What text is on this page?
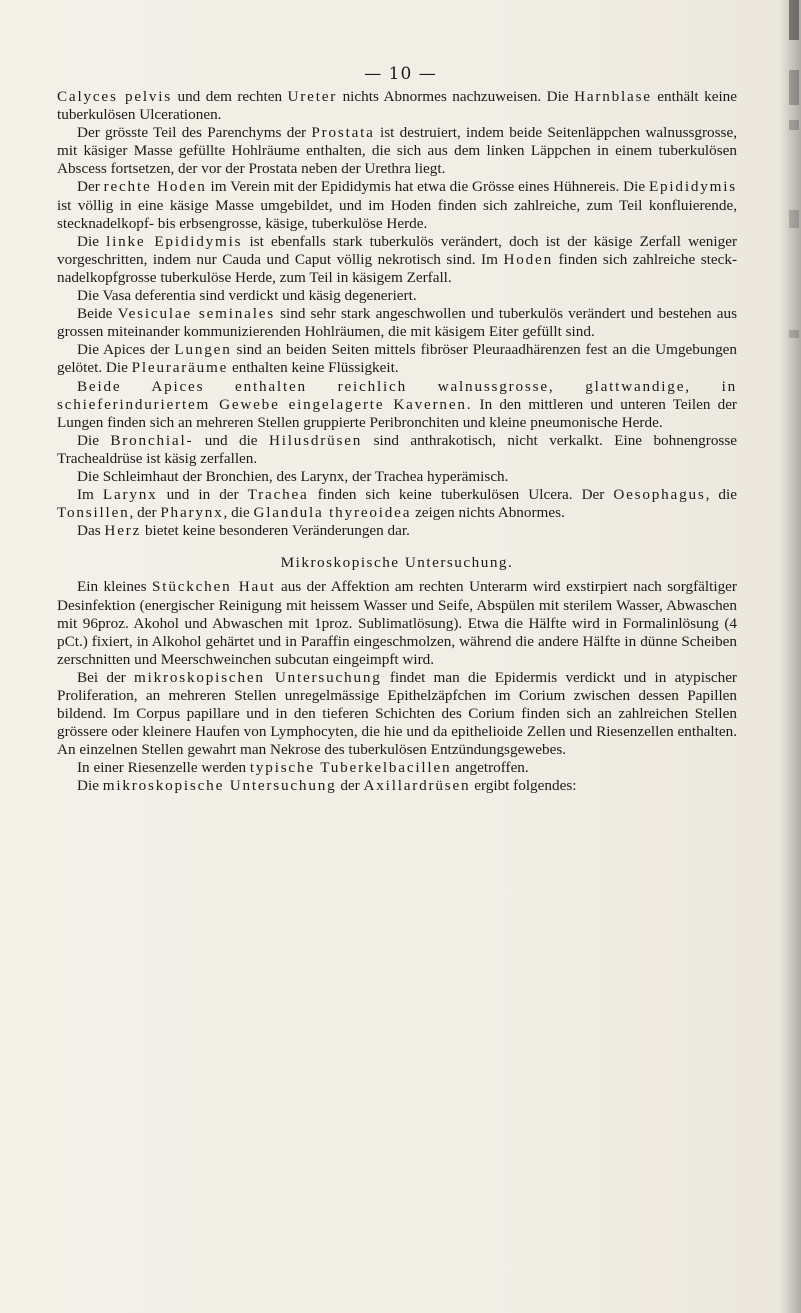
— 10 —

Calyces pelvis und dem rechten Ureter nichts Abnormes nachzuweisen. Die Harnblase enthält keine tuberkulösen Ulcerationen.

Der grösste Teil des Parenchyms der Prostata ist destruiert, indem beide Seitenläppchen walnussgrosse, mit käsiger Masse gefüllte Hohlräume enthalten, die sich aus dem linken Läppchen in einem tuberkulösen Abscess fortsetzen, der vor der Prostata neben der Urethra liegt.

Der rechte Hoden im Verein mit der Epididymis hat etwa die Grösse eines Hühnereis. Die Epididymis ist völlig in eine käsige Masse umgebildet, und im Hoden finden sich zahlreiche, zum Teil konfluierende, stecknadelkopf- bis erbsengrosse, käsige, tuberkulöse Herde.

Die linke Epididymis ist ebenfalls stark tuberkulös verändert, doch ist der käsige Zerfall weniger vorgeschritten, indem nur Cauda und Caput völlig nekrotisch sind. Im Hoden finden sich zahlreiche stecknadelkopfgrosse tuberkulöse Herde, zum Teil in käsigem Zerfall.

Die Vasa deferentia sind verdickt und käsig degeneriert.

Beide Vesiculae seminales sind sehr stark angeschwollen und tuberkulös verändert und bestehen aus grossen miteinander kommunizierenden Hohlräumen, die mit käsigem Eiter gefüllt sind.

Die Apices der Lungen sind an beiden Seiten mittels fibröser Pleuraadhärenzen fest an die Umgebungen gelötet. Die Pleuraräume enthalten keine Flüssigkeit.

Beide Apices enthalten reichlich walnussgrosse, glattwandige, in schieferinduriertem Gewebe eingelagerte Kavernen. In den mittleren und unteren Teilen der Lungen finden sich an mehreren Stellen gruppierte Peribronchiten und kleine pneumonische Herde.

Die Bronchial- und die Hilusdrüsen sind anthrakotisch, nicht verkalkt. Eine bohnengrosse Trachealdrüse ist käsig zerfallen.

Die Schleimhaut der Bronchien, des Larynx, der Trachea hyperämisch.

Im Larynx und in der Trachea finden sich keine tuberkulösen Ulcera. Der Oesophagus, die Tonsillen, der Pharynx, die Glandula thyreoidea zeigen nichts Abnormes.

Das Herz bietet keine besonderen Veränderungen dar.

Mikroskopische Untersuchung.

Ein kleines Stückchen Haut aus der Affektion am rechten Unterarm wird exstirpiert nach sorgfältiger Desinfektion (energischer Reinigung mit heissem Wasser und Seife, Abspülen mit sterilem Wasser, Abwaschen mit 96proz. Akohol und Abwaschen mit 1proz. Sublimatlösung). Etwa die Hälfte wird in Formalinlösung (4 pCt.) fixiert, in Alkohol gehärtet und in Paraffin eingeschmolzen, während die andere Hälfte in dünne Scheiben zerschnitten und Meerschweinchen subcutan eingeimpft wird.

Bei der mikroskopischen Untersuchung findet man die Epidermis verdickt und in atypischer Proliferation, an mehreren Stellen unregelmässige Epithelzäpfchen im Corium zwischen dessen Papillen bildend. Im Corpus papillare und in den tieferen Schichten des Corium finden sich an zahlreichen Stellen grössere oder kleinere Haufen von Lymphocyten, die hie und da epithelioide Zellen und Riesenzellen enthalten. An einzelnen Stellen gewahrt man Nekrose des tuberkulösen Entzündungsgewebes.

In einer Riesenzelle werden typische Tuberkelbacillen angetroffen.

Die mikroskopische Untersuchung der Axillardrüsen ergibt folgendes:
